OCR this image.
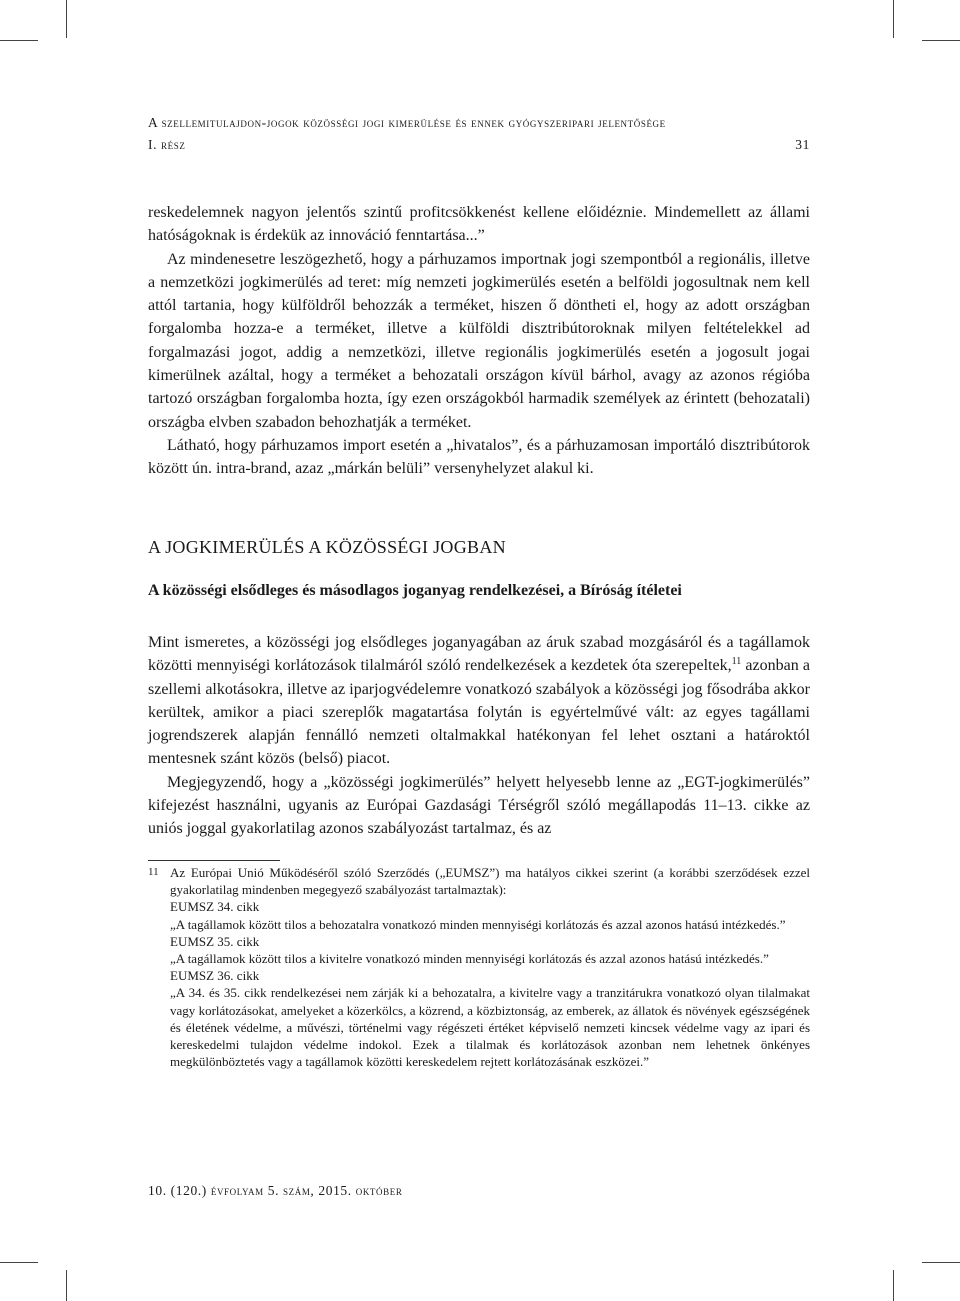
A szellemitulajdon-jogok közösségi jogi kimerülése és ennek gyógyszeripari jelentősége
I. rész	31

reskedelemnek nagyon jelentős szintű profitcsökkenést kellene előidéznie. Mindemellett az állami hatóságoknak is érdekük az innováció fenntartása...”

Az mindenesetre leszögezhető, hogy a párhuzamos importnak jogi szempontból a regionális, illetve a nemzetközi jogkimerülés ad teret: míg nemzeti jogkimerülés esetén a belföldi jogosultnak nem kell attól tartania, hogy külföldről behozzák a terméket, hiszen ő döntheti el, hogy az adott országban forgalomba hozza-e a terméket, illetve a külföldi disztribútoroknak milyen feltételekkel ad forgalmazási jogot, addig a nemzetközi, illetve regionális jogkimerülés esetén a jogosult jogai kimerülnek azáltal, hogy a terméket a behozatali országon kívül bárhol, avagy az azonos régióba tartozó országban forgalomba hozta, így ezen országokból harmadik személyek az érintett (behozatali) országba elvben szabadon behozhatják a terméket.

Látható, hogy párhuzamos import esetén a „hivatalos”, és a párhuzamosan importáló disztribútorok között ún. intra-brand, azaz „márkán belüli” versenyhelyzet alakul ki.

A JOGKIMERÜLÉS A KÖZÖSSÉGI JOGBAN
A közösségi elsődleges és másodlagos joganyag rendelkezései, a Bíróság ítéletei

Mint ismeretes, a közösségi jog elsődleges joganyagában az áruk szabad mozgásáról és a tagállamok közötti mennyiségi korlátozások tilalmáról szóló rendelkezések a kezdetek óta szerepeltek,$^{11}$ azonban a szellemi alkotásokra, illetve az iparjogvédelemre vonatkozó szabályok a közösségi jog fősodrába akkor kerültek, amikor a piaci szereplők magatartása folytán is egyértelművé vált: az egyes tagállami jogrendszerek alapján fennálló nemzeti oltalmakkal hatékonyan fel lehet osztani a határoktól mentesnek szánt közös (belső) piacot.

Megjegyzendő, hogy a „közösségi jogkimerülés” helyett helyesebb lenne az „EGT-jogkimerülés” kifejezést használni, ugyanis az Európai Gazdasági Térségről szóló megállapodás 11–13. cikke az uniós joggal gyakorlatilag azonos szabályozást tartalmaz, és az

11 Az Európai Unió Működéséről szóló Szerződés („EUMSZ”) ma hatályos cikkei szerint (a korábbi szerződések ezzel gyakorlatilag mindenben megegyező szabályozást tartalmaztak):

EUMSZ 34. cikk

„A tagállamok között tilos a behozatalra vonatkozó minden mennyiségi korlátozás és azzal azonos hatású intézkedés.”

EUMSZ 35. cikk

„A tagállamok között tilos a kivitelre vonatkozó minden mennyiségi korlátozás és azzal azonos hatású intézkedés.”

EUMSZ 36. cikk

„A 34. és 35. cikk rendelkezései nem zárják ki a behozatalra, a kivitelre vagy a tranzitárukra vonatkozó olyan tilalmakat vagy korlátozásokat, amelyeket a közerkölcs, a közrend, a közbiztonság, az emberek, az állatok és növények egészségének és életének védelme, a művészi, történelmi vagy régészeti értéket képviselő nemzeti kincsek védelme vagy az ipari és kereskedelmi tulajdon védelme indokol. Ezek a tilalmak és korlátozások azonban nem lehetnek önkényes megkülönböztetés vagy a tagállamok közötti kereskedelem rejtett korlátozásának eszközei.”

10. (120.) évfolyam 5. szám, 2015. október
